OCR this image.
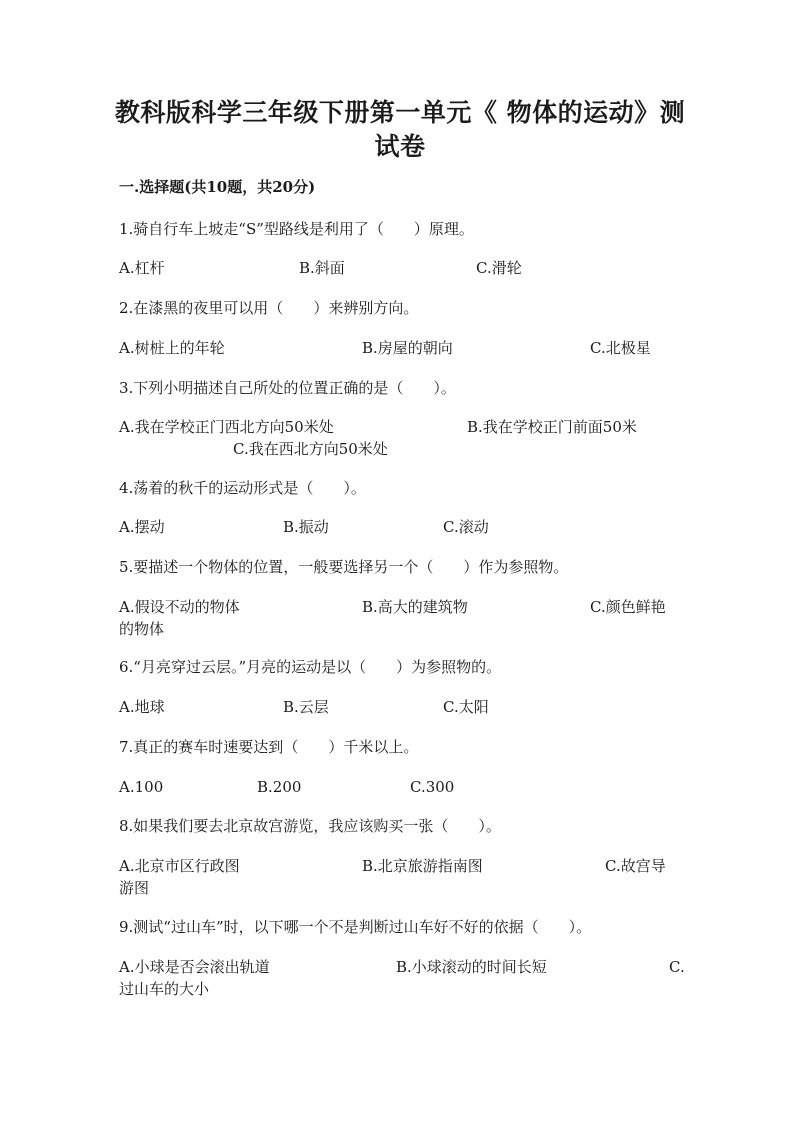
教科版科学三年级下册第一单元《 物体的运动》测
试卷
一.选择题(共10题，共20分)
1.骑自行车上坡走“S”型路线是利用了（　　）原理。
A.杠杆	B.斜面	C.滑轮
2.在漆黑的夜里可以用（　　）来辨别方向。
A.树桩上的年轮	B.房屋的朝向	C.北极星
3.下列小明描述自己所处的位置正确的是（　　）。
A.我在学校正门西北方向50米处	B.我在学校正门前面50米
C.我在西北方向50米处
4.荡着的秋千的运动形式是（　　）。
A.摆动	B.振动	C.滚动
5.要描述一个物体的位置，一般要选择另一个（　　）作为参照物。
A.假设不动的物体	B.高大的建筑物	C.颜色鲜艳
的物体
6.“月亮穿过云层。”月亮的运动是以（　　）为参照物的。
A.地球	B.云层	C.太阳
7.真正的赛车时速要达到（　　）千米以上。
A.100	B.200	C.300
8.如果我们要去北京故宫游览，我应该购买一张（　　）。
A.北京市区行政图	B.北京旅游指南图	C.故宫导
游图
9.测试“过山车”时，以下哪一个不是判断过山车好不好的依据（　　）。
A.小球是否会滚出轨道	B.小球滚动的时间长短	C.
过山车的大小
